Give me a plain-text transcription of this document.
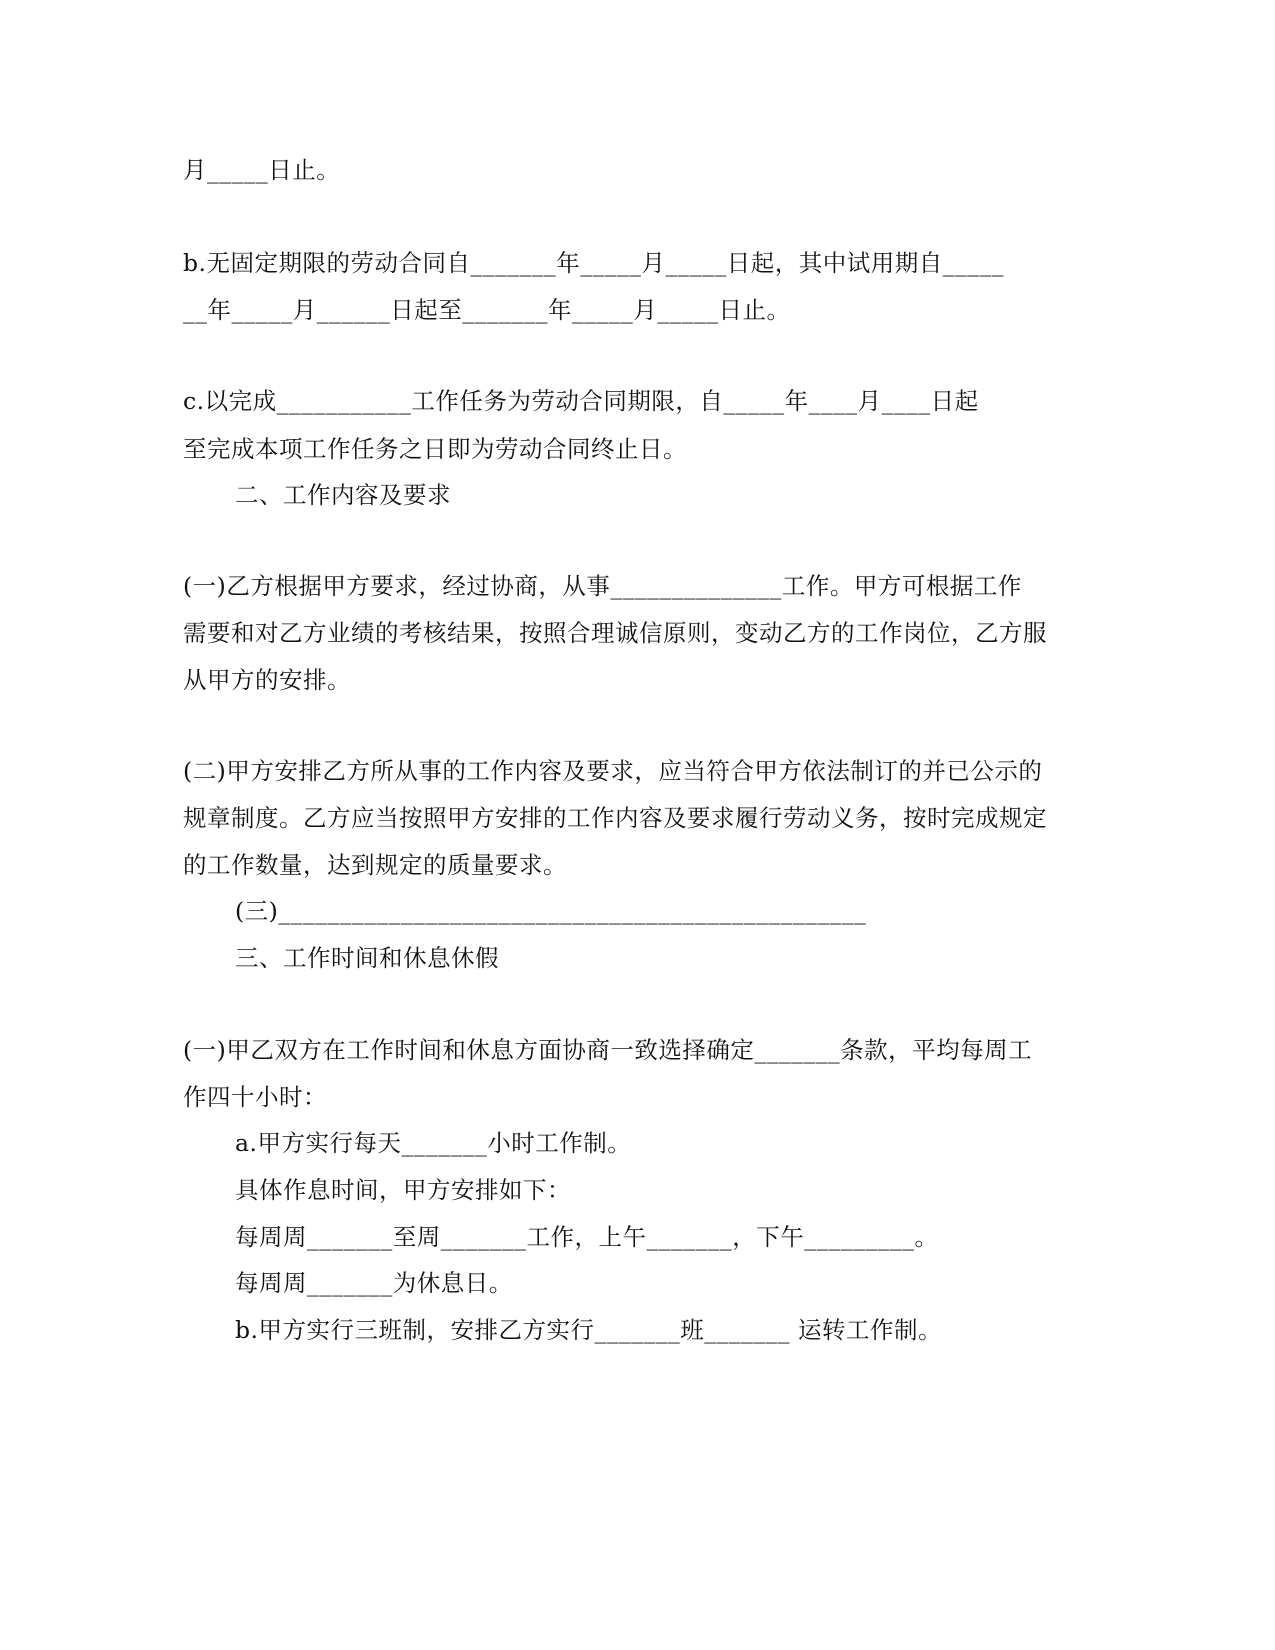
月_____日止。
b.无固定期限的劳动合同自_______年_____月_____日起，其中试用期自_____
__年_____月______日起至_______年_____月_____日止。
c.以完成___________工作任务为劳动合同期限，自_____年____月____日起
至完成本项工作任务之日即为劳动合同终止日。
二、工作内容及要求
(一)乙方根据甲方要求，经过协商，从事______________工作。甲方可根据工作
需要和对乙方业绩的考核结果，按照合理诚信原则，变动乙方的工作岗位，乙方服
从甲方的安排。
(二)甲方安排乙方所从事的工作内容及要求，应当符合甲方依法制订的并已公示的
规章制度。乙方应当按照甲方安排的工作内容及要求履行劳动义务，按时完成规定
的工作数量，达到规定的质量要求。
(三)________________________________________________
三、工作时间和休息休假
(一)甲乙双方在工作时间和休息方面协商一致选择确定_______条款，平均每周工
作四十小时：
a.甲方实行每天_______小时工作制。
具体作息时间，甲方安排如下：
每周周_______至周_______工作，上午_______，下午_________。
每周周_______为休息日。
b.甲方实行三班制，安排乙方实行_______班_______ 运转工作制。
